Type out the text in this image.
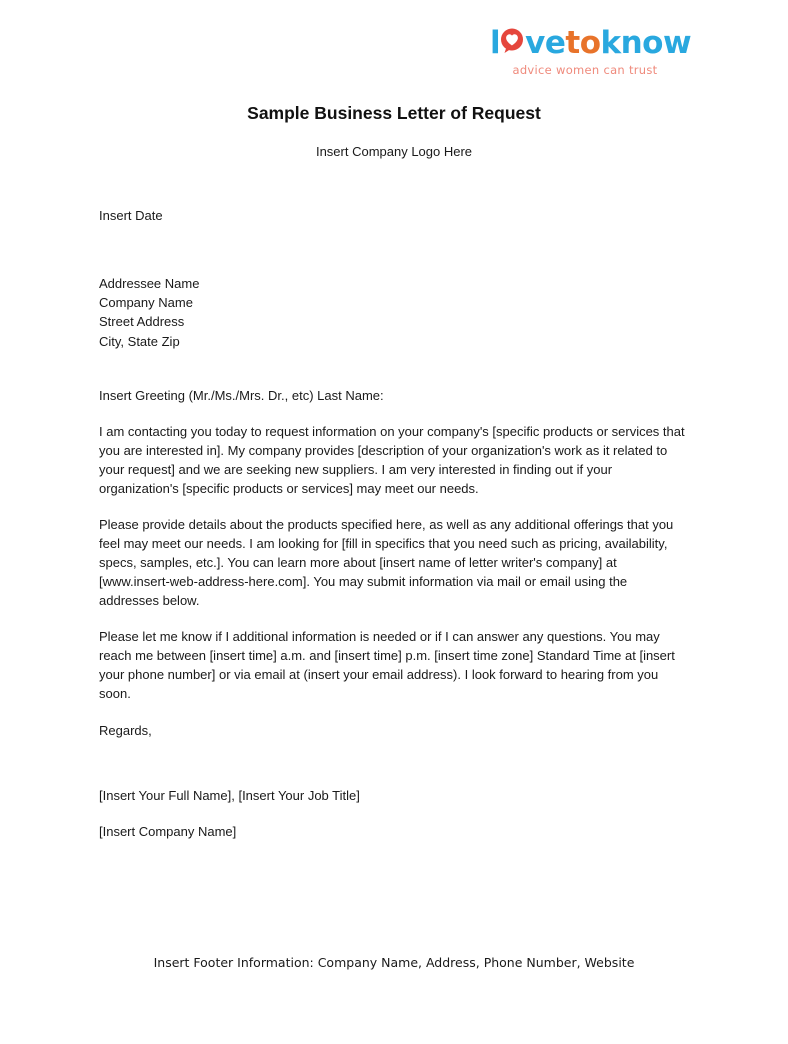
l vetoknow
advice women can trust
Sample Business Letter of Request
Insert Company Logo Here
Insert Date
Addressee Name
Company Name
Street Address
City, State Zip
Insert Greeting (Mr./Ms./Mrs. Dr., etc) Last Name:
I am contacting you today to request information on your company's [specific products or services that you are interested in]. My company provides [description of your organization's work as it related to your request] and we are seeking new suppliers. I am very interested in finding out if your organization's [specific products or services] may meet our needs.
Please provide details about the products specified here, as well as any additional offerings that you feel may meet our needs. I am looking for [fill in specifics that you need such as pricing, availability, specs, samples, etc.]. You can learn more about [insert name of letter writer's company] at [www.insert-web-address-here.com]. You may submit information via mail or email using the addresses below.
Please let me know if I additional information is needed or if I can answer any questions. You may reach me between [insert time] a.m. and [insert time] p.m. [insert time zone] Standard Time at [insert your phone number] or via email at (insert your email address). I look forward to hearing from you soon.
Regards,
[Insert Your Full Name], [Insert Your Job Title]
[Insert Company Name]
Insert Footer Information: Company Name, Address, Phone Number, Website
